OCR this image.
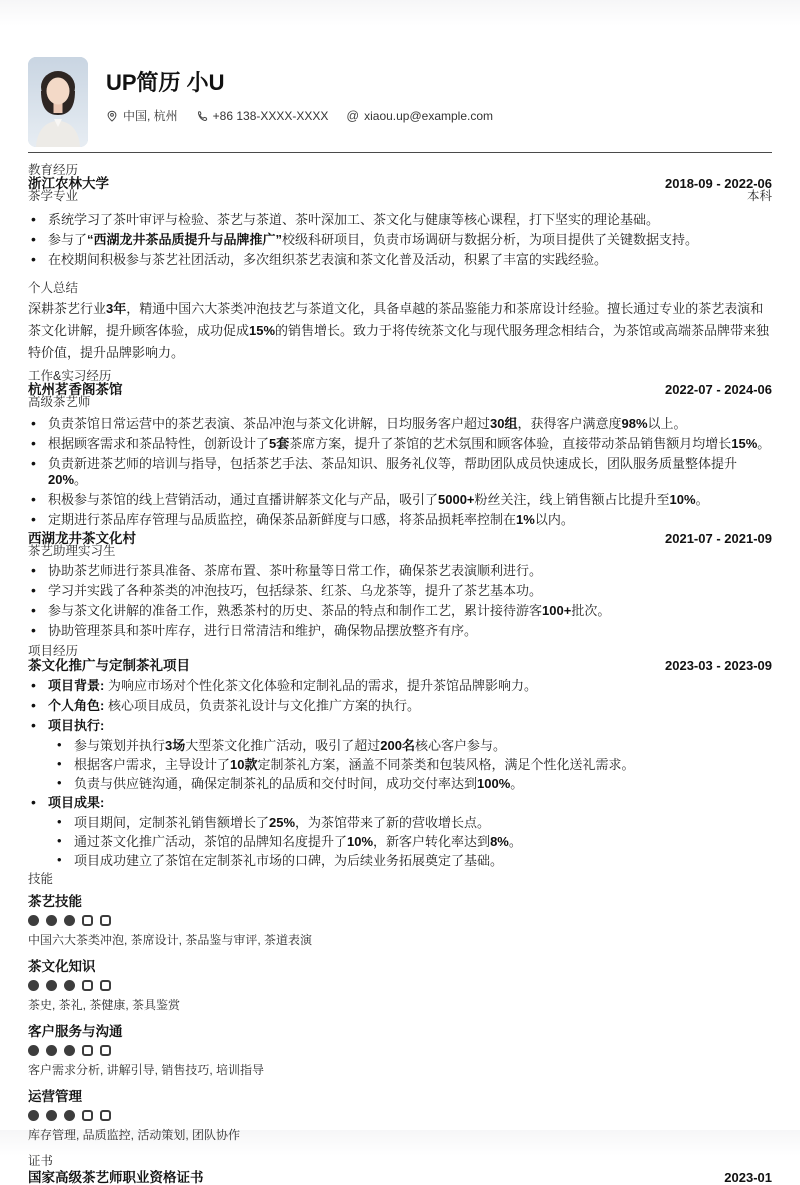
UP简历 小U
中国, 杭州	+86 138-XXXX-XXXX @ xiaou.up@example.com
教育经历
浙江农林大学	2018-09 - 2022-06
茶学专业	本科
• 系统学习了茶叶审评与检验、茶艺与茶道、茶叶深加工、茶文化与健康等核心课程，打下坚实的理论基础。
• 参与了“西湖龙井茶品质提升与品牌推广”校级科研项目，负责市场调研与数据分析，为项目提供了关键数据支持。
• 在校期间积极参与茶艺社团活动，多次组织茶艺表演和茶文化普及活动，积累了丰富的实践经验。
个人总结

深耕茶艺行业3年，精通中国六大茶类冲泡技艺与茶道文化，具备卓越的茶品鉴能力和茶席设计经验。擅长通过专业的茶艺表演和茶文化讲解，提升顾客体验，成功促成15%的销售增长。致力于将传统茶文化与现代服务理念相结合，为茶馆或高端茶品牌带来独特价值，提升品牌影响力。

工作&实习经历
杭州茗香阁茶馆	2022-07 - 2024-06
高级茶艺师
• 负责茶馆日常运营中的茶艺表演、茶品冲泡与茶文化讲解，日均服务客户超过30组，获得客户满意度98%以上。
• 根据顾客需求和茶品特性，创新设计了5套茶席方案，提升了茶馆的艺术氛围和顾客体验，直接带动茶品销售额月均增长15%。
• 负责新进茶艺师的培训与指导，包括茶艺手法、茶品知识、服务礼仪等，帮助团队成员快速成长，团队服务质量整体提升20%。
• 积极参与茶馆的线上营销活动，通过直播讲解茶文化与产品，吸引了5000+粉丝关注，线上销售额占比提升至10%。
• 定期进行茶品库存管理与品质监控，确保茶品新鲜度与口感，将茶品损耗率控制在1%以内。
西湖龙井茶文化村	2021-07 - 2021-09
茶艺助理实习生
• 协助茶艺师进行茶具准备、茶席布置、茶叶称量等日常工作，确保茶艺表演顺利进行。
• 学习并实践了各种茶类的冲泡技巧，包括绿茶、红茶、乌龙茶等，提升了茶艺基本功。
• 参与茶文化讲解的准备工作，熟悉茶村的历史、茶品的特点和制作工艺，累计接待游客100+批次。
• 协助管理茶具和茶叶库存，进行日常清洁和维护，确保物品摆放整齐有序。
项目经历
茶文化推广与定制茶礼项目	2023-03 - 2023-09
• 项目背景: 为响应市场对个性化茶文化体验和定制礼品的需求，提升茶馆品牌影响力。
• 个人角色: 核心项目成员，负责茶礼设计与文化推广方案的执行。
• 项目执行:
• 参与策划并执行3场大型茶文化推广活动，吸引了超过200名核心客户参与。
• 根据客户需求，主导设计了10款定制茶礼方案，涵盖不同茶类和包装风格，满足个性化送礼需求。
• 负责与供应链沟通，确保定制茶礼的品质和交付时间，成功交付率达到100%。
• 项目成果:
• 项目期间，定制茶礼销售额增长了25%，为茶馆带来了新的营收增长点。
• 通过茶文化推广活动，茶馆的品牌知名度提升了10%，新客户转化率达到8%。
• 项目成功建立了茶馆在定制茶礼市场的口碑，为后续业务拓展奠定了基础。
技能
茶艺技能

中国六大茶类冲泡, 茶席设计, 茶品鉴与审评, 茶道表演

茶文化知识

茶史, 茶礼, 茶健康, 茶具鉴赏

客户服务与沟通

客户需求分析, 讲解引导, 销售技巧, 培训指导

运营管理

库存管理, 品质监控, 活动策划, 团队协作

证书
国家高级茶艺师职业资格证书	2023-01
